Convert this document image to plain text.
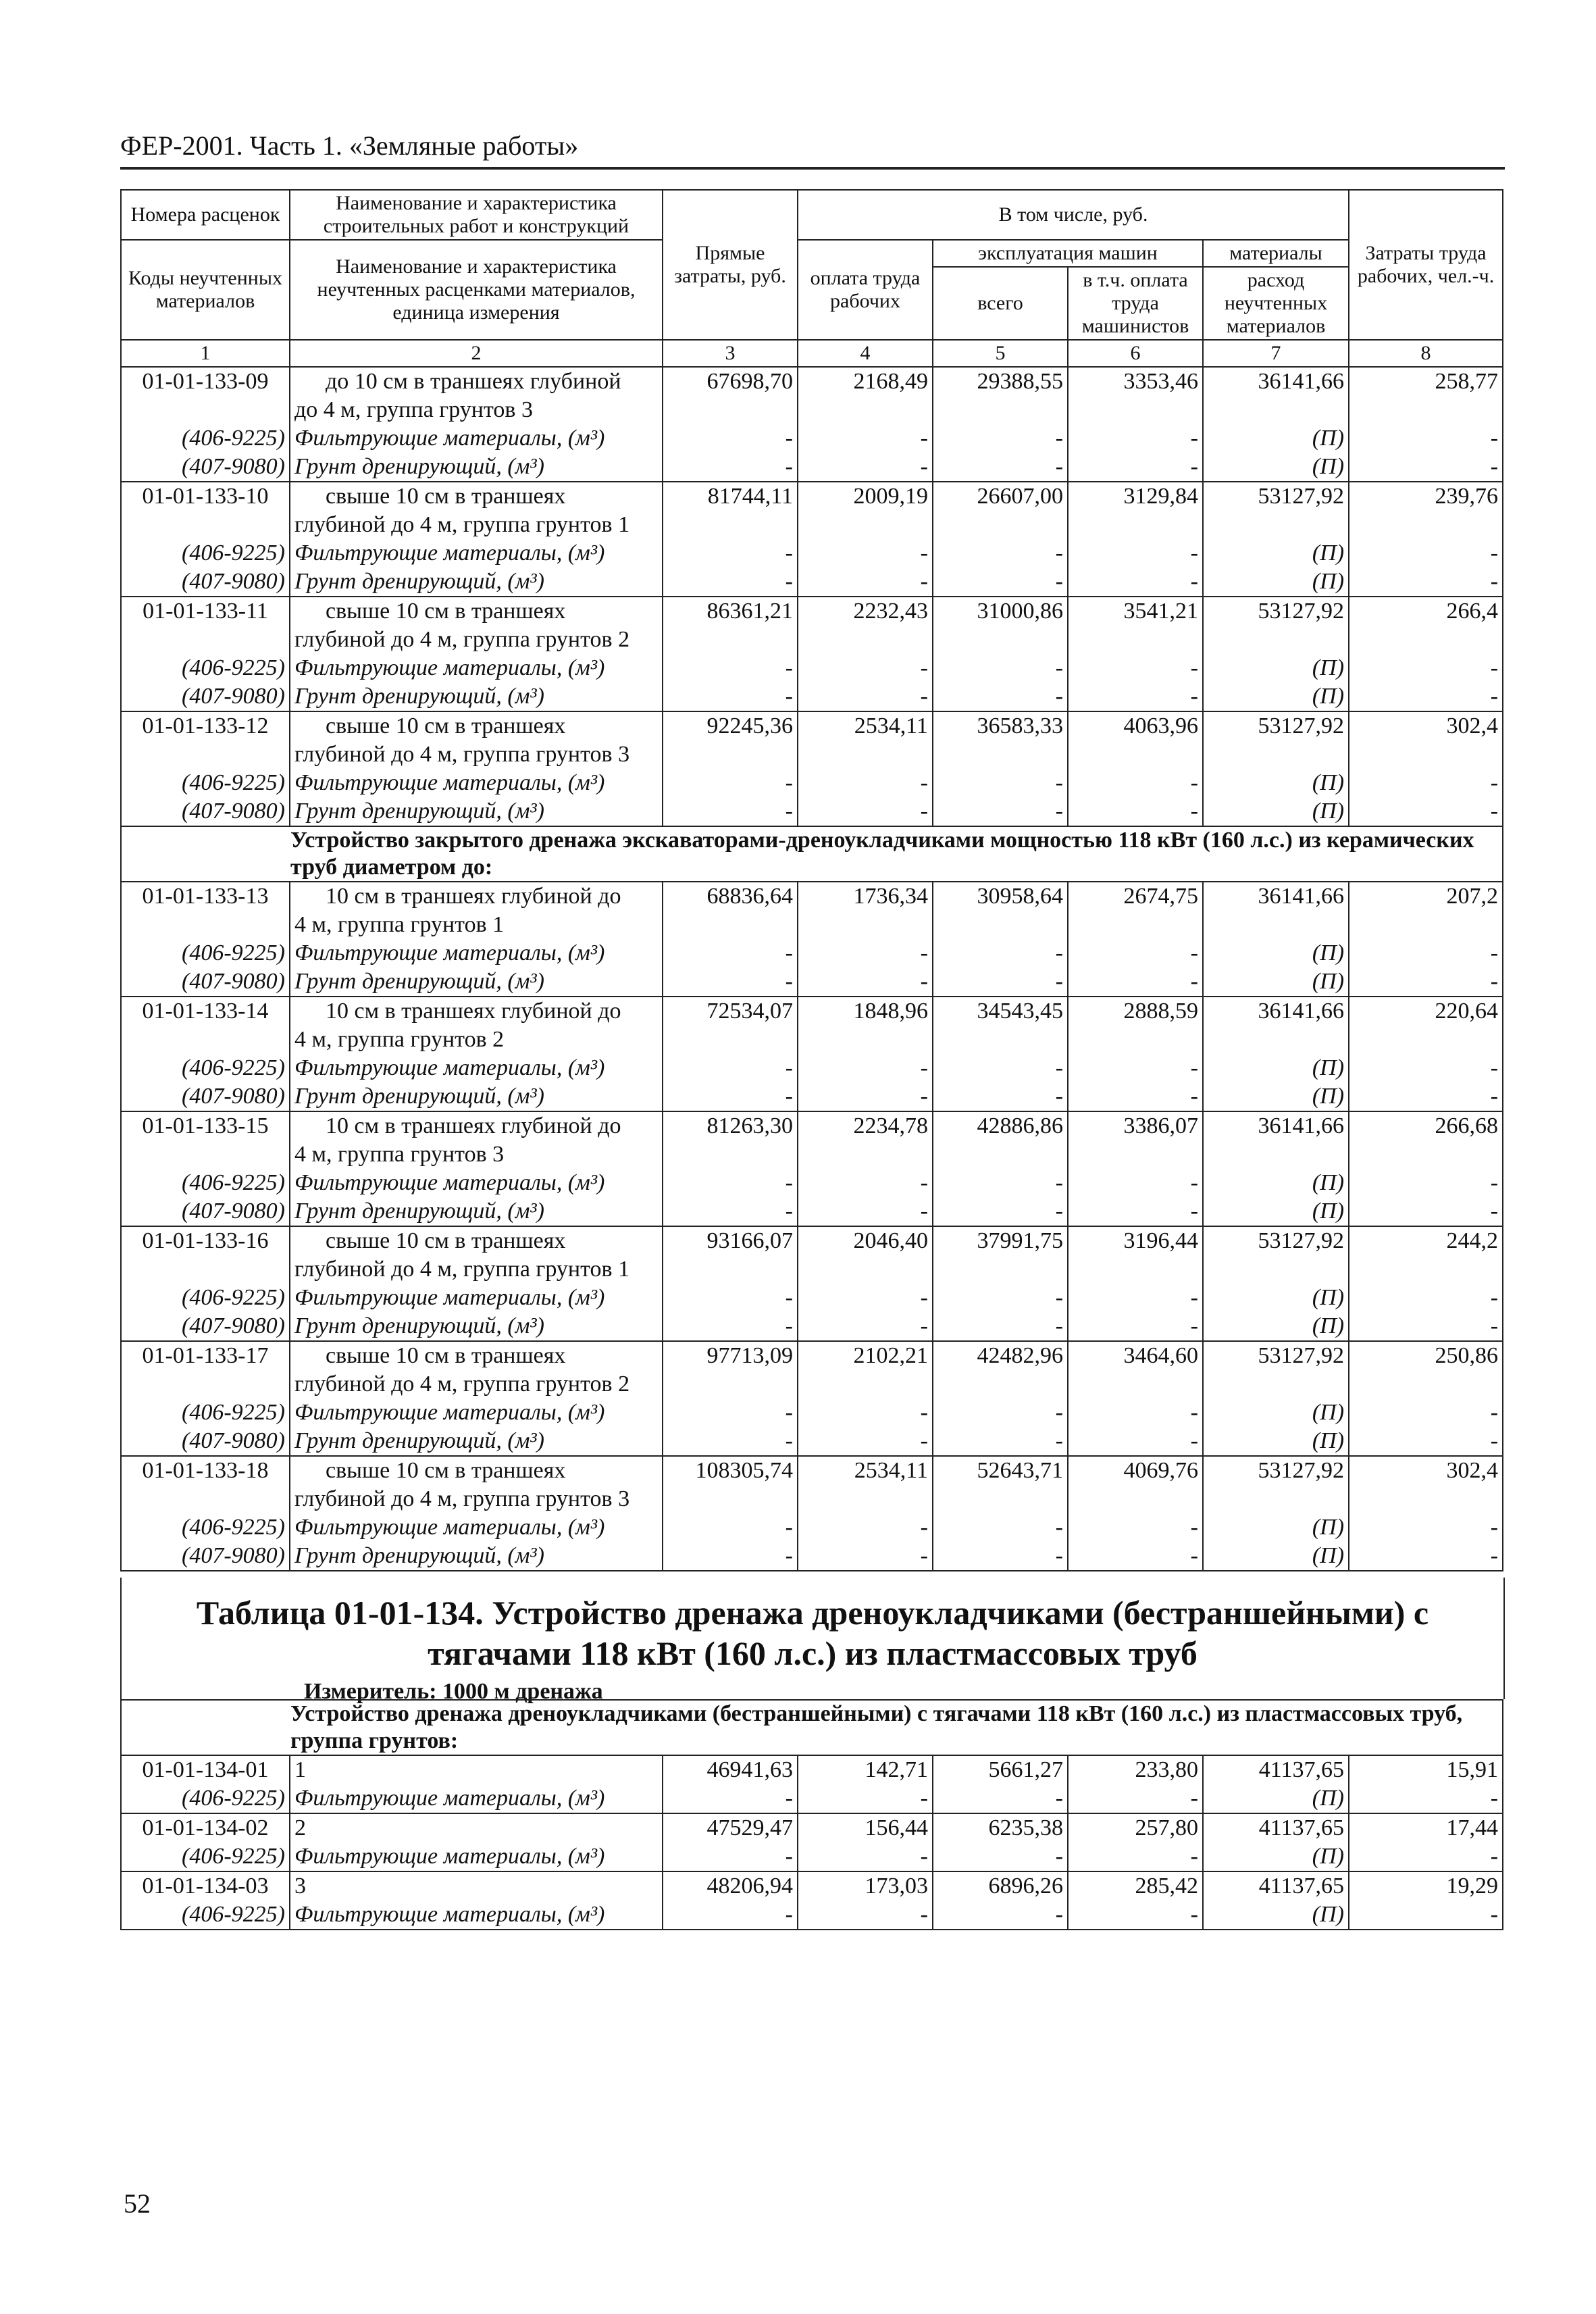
ФЕР-2001. Часть 1. «Земляные работы»
Номера расценок	Наименование и характеристика строительных работ и конструкций	Прямые затраты, руб.	В том числе, руб.				Затраты труда рабочих, чел.-ч.
Коды неучтенных материалов	Наименование и характеристика неучтенных расценками материалов, единица измерения		оплата труда рабочих	эксплуатация машин		материалы	
				всего	в т.ч. оплата труда машинистов	расход неучтенных материалов	

1	2	3	4	5	6	7	8
01-01-133-09	до 10 см в траншеях глубиной	67698,70	2168,49	29388,55	3353,46	36141,66	258,77
	до 4 м, группа грунтов 3						
(406-9225)	Фильтрующие материалы, (м³)	-	-	-	-	(П)	-
(407-9080)	Грунт дренирующий, (м³)	-	-	-	-	(П)	-
01-01-133-10	свыше 10 см в траншеях	81744,11	2009,19	26607,00	3129,84	53127,92	239,76
	глубиной до 4 м, группа грунтов 1						
(406-9225)	Фильтрующие материалы, (м³)	-	-	-	-	(П)	-
(407-9080)	Грунт дренирующий, (м³)	-	-	-	-	(П)	-
01-01-133-11	свыше 10 см в траншеях	86361,21	2232,43	31000,86	3541,21	53127,92	266,4
	глубиной до 4 м, группа грунтов 2						
(406-9225)	Фильтрующие материалы, (м³)	-	-	-	-	(П)	-
(407-9080)	Грунт дренирующий, (м³)	-	-	-	-	(П)	-
01-01-133-12	свыше 10 см в траншеях	92245,36	2534,11	36583,33	4063,96	53127,92	302,4
	глубиной до 4 м, группа грунтов 3						
(406-9225)	Фильтрующие материалы, (м³)	-	-	-	-	(П)	-
(407-9080)	Грунт дренирующий, (м³)	-	-	-	-	(П)	-
Устройство закрытого дренажа экскаваторами-дреноукладчиками мощностью 118 кВт (160 л.с.) из керамических труб диаметром до:							
01-01-133-13	10 см в траншеях глубиной до	68836,64	1736,34	30958,64	2674,75	36141,66	207,2
	4 м, группа грунтов 1						
(406-9225)	Фильтрующие материалы, (м³)	-	-	-	-	(П)	-
(407-9080)	Грунт дренирующий, (м³)	-	-	-	-	(П)	-
01-01-133-14	10 см в траншеях глубиной до	72534,07	1848,96	34543,45	2888,59	36141,66	220,64
	4 м, группа грунтов 2						
(406-9225)	Фильтрующие материалы, (м³)	-	-	-	-	(П)	-
(407-9080)	Грунт дренирующий, (м³)	-	-	-	-	(П)	-
01-01-133-15	10 см в траншеях глубиной до	81263,30	2234,78	42886,86	3386,07	36141,66	266,68
	4 м, группа грунтов 3						
(406-9225)	Фильтрующие материалы, (м³)	-	-	-	-	(П)	-
(407-9080)	Грунт дренирующий, (м³)	-	-	-	-	(П)	-
01-01-133-16	свыше 10 см в траншеях	93166,07	2046,40	37991,75	3196,44	53127,92	244,2
	глубиной до 4 м, группа грунтов 1						
(406-9225)	Фильтрующие материалы, (м³)	-	-	-	-	(П)	-
(407-9080)	Грунт дренирующий, (м³)	-	-	-	-	(П)	-
01-01-133-17	свыше 10 см в траншеях	97713,09	2102,21	42482,96	3464,60	53127,92	250,86
	глубиной до 4 м, группа грунтов 2						
(406-9225)	Фильтрующие материалы, (м³)	-	-	-	-	(П)	-
(407-9080)	Грунт дренирующий, (м³)	-	-	-	-	(П)	-
01-01-133-18	свыше 10 см в траншеях	108305,74	2534,11	52643,71	4069,76	53127,92	302,4
	глубиной до 4 м, группа грунтов 3						
(406-9225)	Фильтрующие материалы, (м³)	-	-	-	-	(П)	-
(407-9080)	Грунт дренирующий, (м³)	-	-	-	-	(П)	-
Таблица 01-01-134. Устройство дренажа дреноукладчиками (бестраншейными) с тягачами 118 кВт (160 л.с.) из пластмассовых труб
Измеритель: 1000 м дренажа
Устройство дренажа дреноукладчиками (бестраншейными) с тягачами 118 кВт (160 л.с.) из пластмассовых труб, группа грунтов:							
01-01-134-01	1	46941,63	142,71	5661,27	233,80	41137,65	15,91
(406-9225)	Фильтрующие материалы, (м³)	-	-	-	-	(П)	-
01-01-134-02	2	47529,47	156,44	6235,38	257,80	41137,65	17,44
(406-9225)	Фильтрующие материалы, (м³)	-	-	-	-	(П)	-
01-01-134-03	3	48206,94	173,03	6896,26	285,42	41137,65	19,29
(406-9225)	Фильтрующие материалы, (м³)	-	-	-	-	(П)	-
52
